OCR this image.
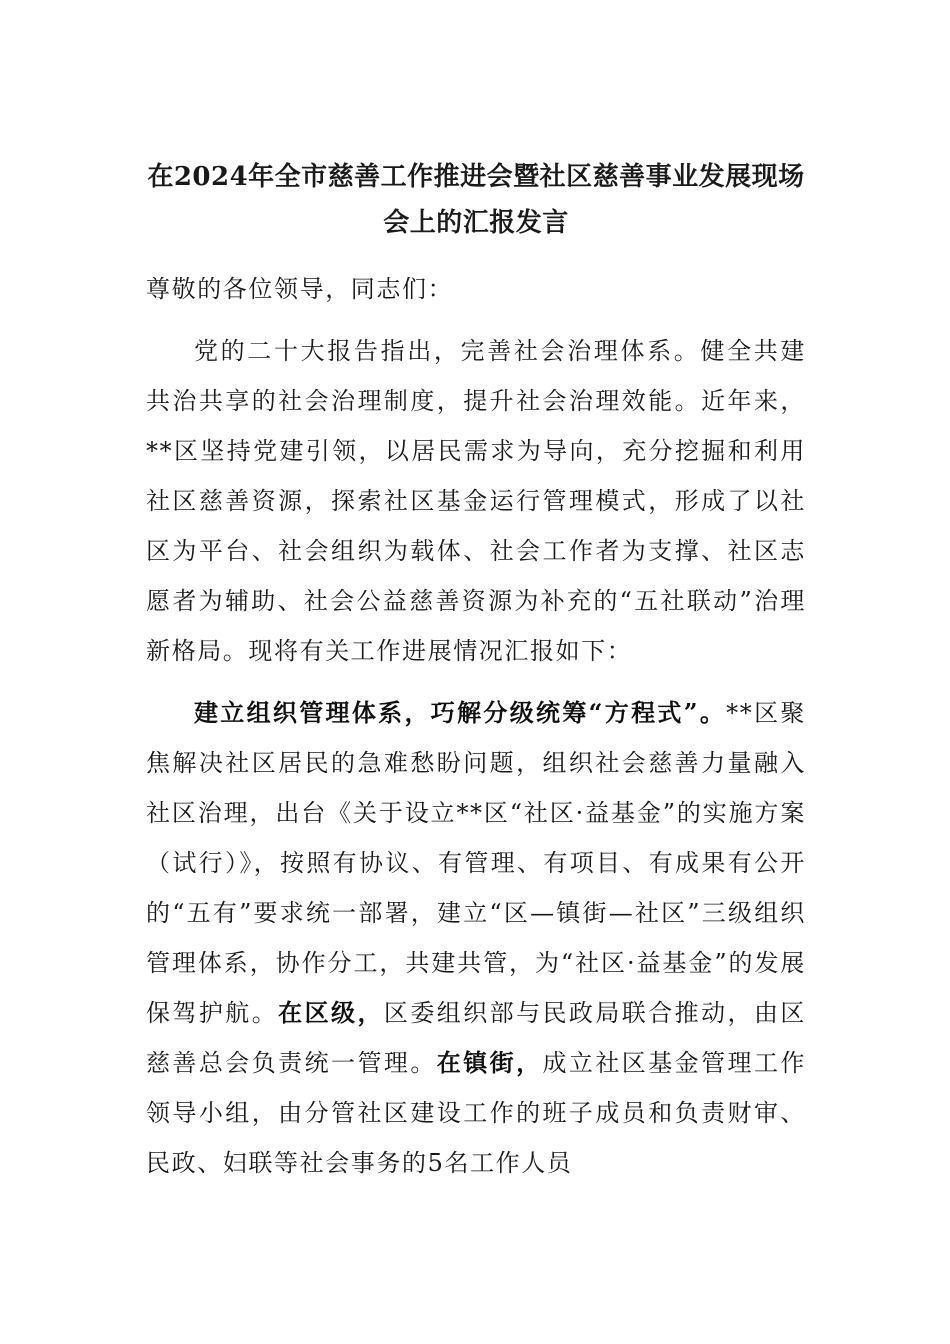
在2024年全市慈善工作推进会暨社区慈善事业发展现场会上的汇报发言

尊敬的各位领导，同志们：

党的二十大报告指出，完善社会治理体系。健全共建共治共享的社会治理制度，提升社会治理效能。近年来，**区坚持党建引领，以居民需求为导向，充分挖掘和利用社区慈善资源，探索社区基金运行管理模式，形成了以社区为平台、社会组织为载体、社会工作者为支撑、社区志愿者为辅助、社会公益慈善资源为补充的“五社联动”治理新格局。现将有关工作进展情况汇报如下：

建立组织管理体系，巧解分级统筹“方程式”。**区聚焦解决社区居民的急难愁盼问题，组织社会慈善力量融入社区治理，出台《关于设立**区“社区·益基金”的实施方案（试行）》，按照有协议、有管理、有项目、有成果有公开的“五有”要求统一部署，建立“区—镇街—社区”三级组织管理体系，协作分工，共建共管，为“社区·益基金”的发展保驾护航。在区级，区委组织部与民政局联合推动，由区慈善总会负责统一管理。在镇街，成立社区基金管理工作领导小组，由分管社区建设工作的班子成员和负责财审、民政、妇联等社会事务的5名工作人员
